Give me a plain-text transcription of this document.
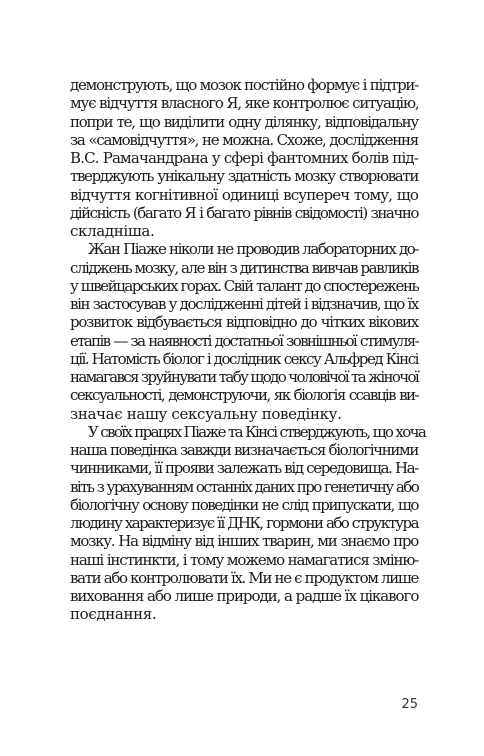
демонструють, що мозок постійно формує і підтри-
мує відчуття власного Я, яке контролює ситуацію,
попри те, що виділити одну ділянку, відповідальну
за «самовідчуття», не можна. Схоже, дослідження
В.С. Рамачандрана у сфері фантомних болів під-
тверджують унікальну здатність мозку створювати
відчуття когнітивної одиниці всупереч тому, що
дійсність (багато Я і багато рівнів свідомості) значно
складніша.
Жан Піаже ніколи не проводив лабораторних до-
сліджень мозку, але він з дитинства вивчав равликів
у швейцарських горах. Свій талант до спостережень
він застосував у дослідженні дітей і відзначив, що їх
розвиток відбувається відповідно до чітких вікових
етапів — за наявності достатньої зовнішньої стимуля-
ції. Натомість біолог і дослідник сексу Альфред Кінсі
намагався зруйнувати табу щодо чоловічої та жіночої
сексуальності, демонструючи, як біологія ссавців ви-
значає нашу сексуальну поведінку.
У своїх працях Піаже та Кінсі стверджують, що хоча
наша поведінка завжди визначається біологічними
чинниками, її прояви залежать від середовища. На-
віть з урахуванням останніх даних про генетичну або
біологічну основу поведінки не слід припускати, що
людину характеризує її ДНК, гормони або структура
мозку. На відміну від інших тварин, ми знаємо про
наші інстинкти, і тому можемо намагатися зміню-
вати або контролювати їх. Ми не є продуктом лише
виховання або лише природи, а радше їх цікавого
поєднання.
25
